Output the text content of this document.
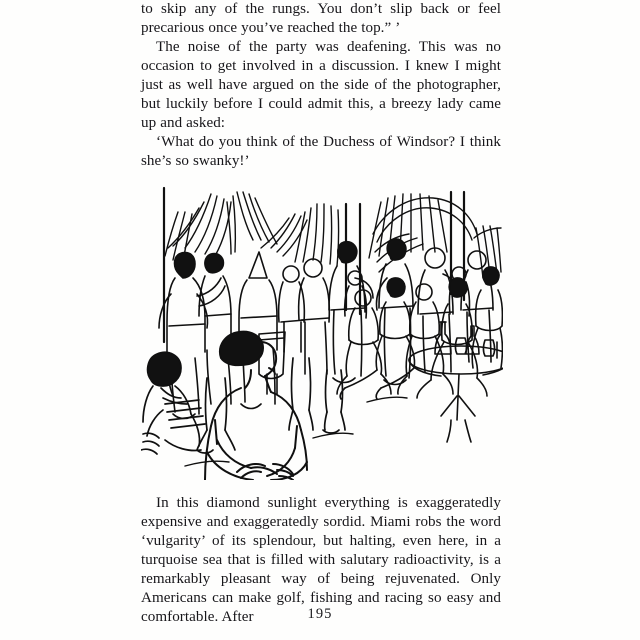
to skip any of the rungs. You don’t slip back or feel precarious once you’ve reached the top.” ’

The noise of the party was deafening. This was no occasion to get involved in a discussion. I knew I might just as well have argued on the side of the photographer, but luckily before I could admit this, a breezy lady came up and asked:

‘What do you think of the Duchess of Windsor? I think she’s so swanky!’

In this diamond sunlight everything is exaggeratedly expensive and exaggeratedly sordid. Miami robs the word ‘vulgarity’ of its splendour, but halting, even here, in a turquoise sea that is filled with salutary radioactivity, is a remarkably pleasant way of being rejuvenated. Only Americans can make golf, fishing and racing so easy and comfortable. After	195
